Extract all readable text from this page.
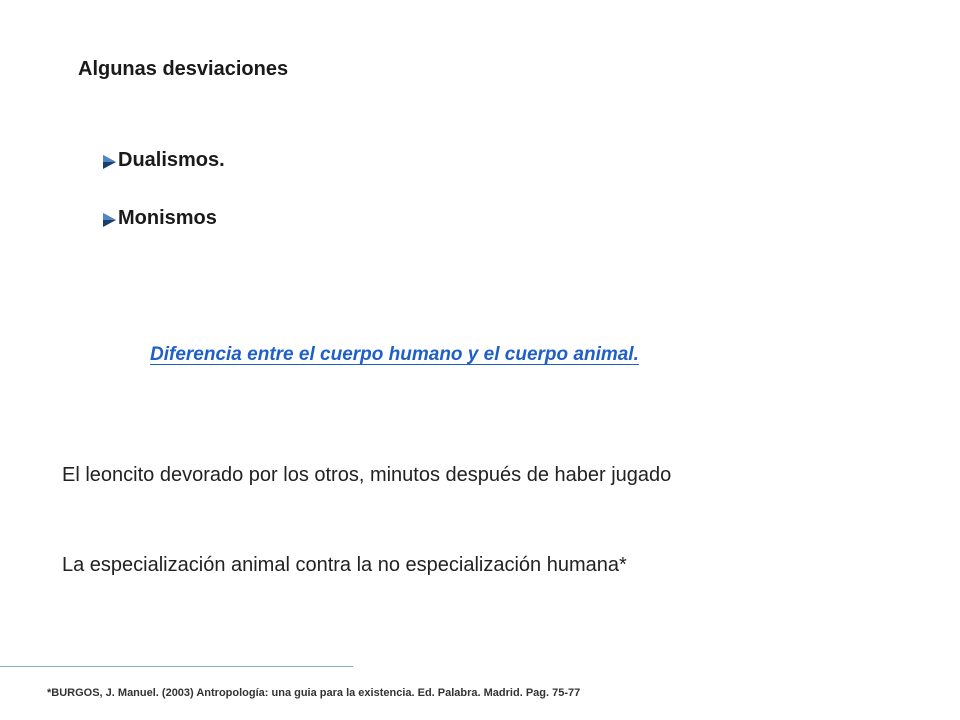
Algunas desviaciones
Dualismos.
Monismos
Diferencia entre el cuerpo humano y el cuerpo animal.
El leoncito devorado por los otros, minutos después de haber jugado
La especialización animal contra la no especialización humana*
*BURGOS, J. Manuel. (2003) Antropología: una guia para la existencia. Ed. Palabra. Madrid. Pag. 75-77
